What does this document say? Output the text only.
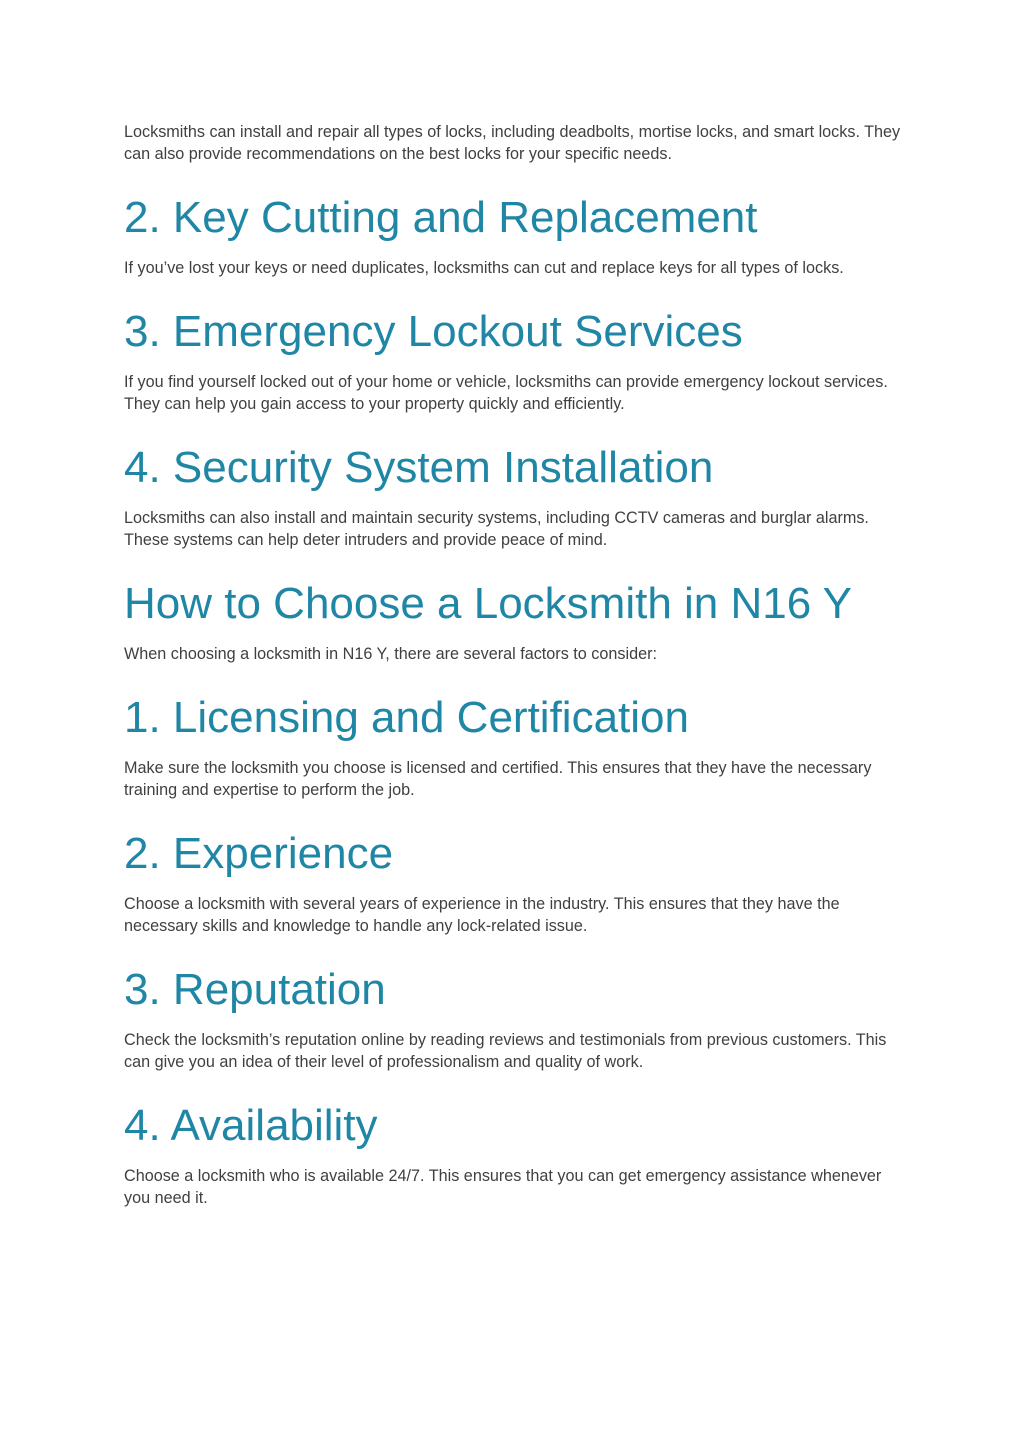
Locksmiths can install and repair all types of locks, including deadbolts, mortise locks, and smart locks. They can also provide recommendations on the best locks for your specific needs.

2. Key Cutting and Replacement

If you’ve lost your keys or need duplicates, locksmiths can cut and replace keys for all types of locks.

3. Emergency Lockout Services

If you find yourself locked out of your home or vehicle, locksmiths can provide emergency lockout services. They can help you gain access to your property quickly and efficiently.

4. Security System Installation

Locksmiths can also install and maintain security systems, including CCTV cameras and burglar alarms. These systems can help deter intruders and provide peace of mind.

How to Choose a Locksmith in N16 Y

When choosing a locksmith in N16 Y, there are several factors to consider:

1. Licensing and Certification

Make sure the locksmith you choose is licensed and certified. This ensures that they have the necessary training and expertise to perform the job.

2. Experience

Choose a locksmith with several years of experience in the industry. This ensures that they have the necessary skills and knowledge to handle any lock-related issue.

3. Reputation

Check the locksmith’s reputation online by reading reviews and testimonials from previous customers. This can give you an idea of their level of professionalism and quality of work.

4. Availability

Choose a locksmith who is available 24/7. This ensures that you can get emergency assistance whenever you need it.
